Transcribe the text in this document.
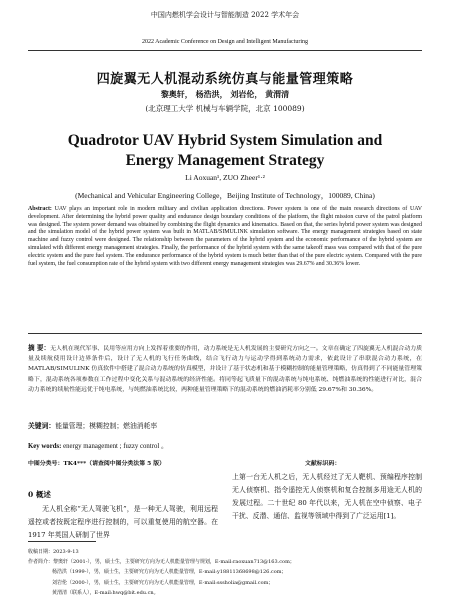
中国内燃机学会设计与智能制造 2022 学术年会
2022 Academic Conference on Design and Intelligent Manufacturing
四旋翼无人机混动系统仿真与能量管理策略
黎奥轩， 杨浩洪， 刘岩伦， 黄渭清
(北京理工大学 机械与车辆学院，北京 100089)
Quadrotor UAV Hybrid System Simulation and
Energy Management Strategy
Li Aoxuan¹, ZUO Zheer¹·²
(Mechanical and Vehicular Engineering College，Beijing Institute of Technology，100089, China)
Abstract: UAV plays an important role in modern military and civilian application directions. Power system is one of the main research directions of UAV development. After determining the hybrid power quality and endurance design boundary conditions of the platform, the flight mission curve of the patrol platform was designed. The system power demand was obtained by combining the flight dynamics and kinematics. Based on that, the series hybrid power system was designed and the simulation model of the hybrid power system was built in MATLAB/SIMULINK simulation software. The energy management strategies based on state machine and fuzzy control were designed. The relationship between the parameters of the hybrid system and the economic performance of the hybrid system are simulated with different energy management strategies. Finally, the performance of the hybrid system with the same takeoff mass was compared with that of the pure electric system and the pure fuel system. The endurance performance of the hybrid system is much better than that of the pure electric system. Compared with the pure fuel system, the fuel consumption rate of the hybrid system with two different energy management strategies was 29.67% and 30.36% lower.
摘 要：无人机在现代军事、民用等应用方向上发挥着重要的作用，动力系统是无人机发展的主要研究方向之一。文章在确定了四旋翼无人机混合动力质量及续航使用设计边界条件后，设计了无人机的飞行任务曲线，结合飞行动力与运动学得到系统动力需求，依此设计了串联混合动力系统，在 MATLAB/SIMULINK 仿真软件中搭建了混合动力系统的仿真模型，并设计了基于状态机和基于模糊控制的能量管理策略，仿真得到了不同能量管理策略下，混动系统各项参数在工作过程中变化关系与混动系统的经济性能。将同等起飞质量下的混动系统与纯电系统、纯燃油系统的性能进行对比，混合动力系统的续航性能远优于纯电系统，与纯燃油系统比较，两种能量管理策略下的混动系统的燃油消耗率分别低 29.67%和 30.36%。
关键词：能量管理；模糊控制；燃油消耗率
Key words: energy management ; fuzzy control 。
中图分类号：TK4***（请查阅中图分类法第 5 版）	文献标识码：
0 概述
无人机全称“无人驾驶飞机”，是一种无人驾驶，利用远程遥控或者按既定程序进行控制的，可以重复使用的航空器。在 1917 年英国人研制了世界
上第一台无人机之后，无人机经过了无人靶机、预编程序控制无人侦察机、指令遥控无人侦察机和复合控制多用途无人机的发展过程。二十世纪 80 年代以来，无人机在空中侦察、电子干扰、反潜、通信、监视等领域中得到了广泛运用[1]。
收稿日期：2023-9-13
作者简介：黎奥轩（2001-），男，硕士生，主要研究方向为无人机能量管理与规划，E-mail:raoxuan713@163.com；
杨浩洪（1999-），男，硕士生，主要研究方向为无人机能量管理，E-mail:y18811368698@126.com；
刘岩伦（2000-），男，硕士生，主要研究方向为无人机能量管理，E-mail:sssholia@gmail.com；
黄渭清（联系人），E-mail:hwq@bit.edu.cn。
